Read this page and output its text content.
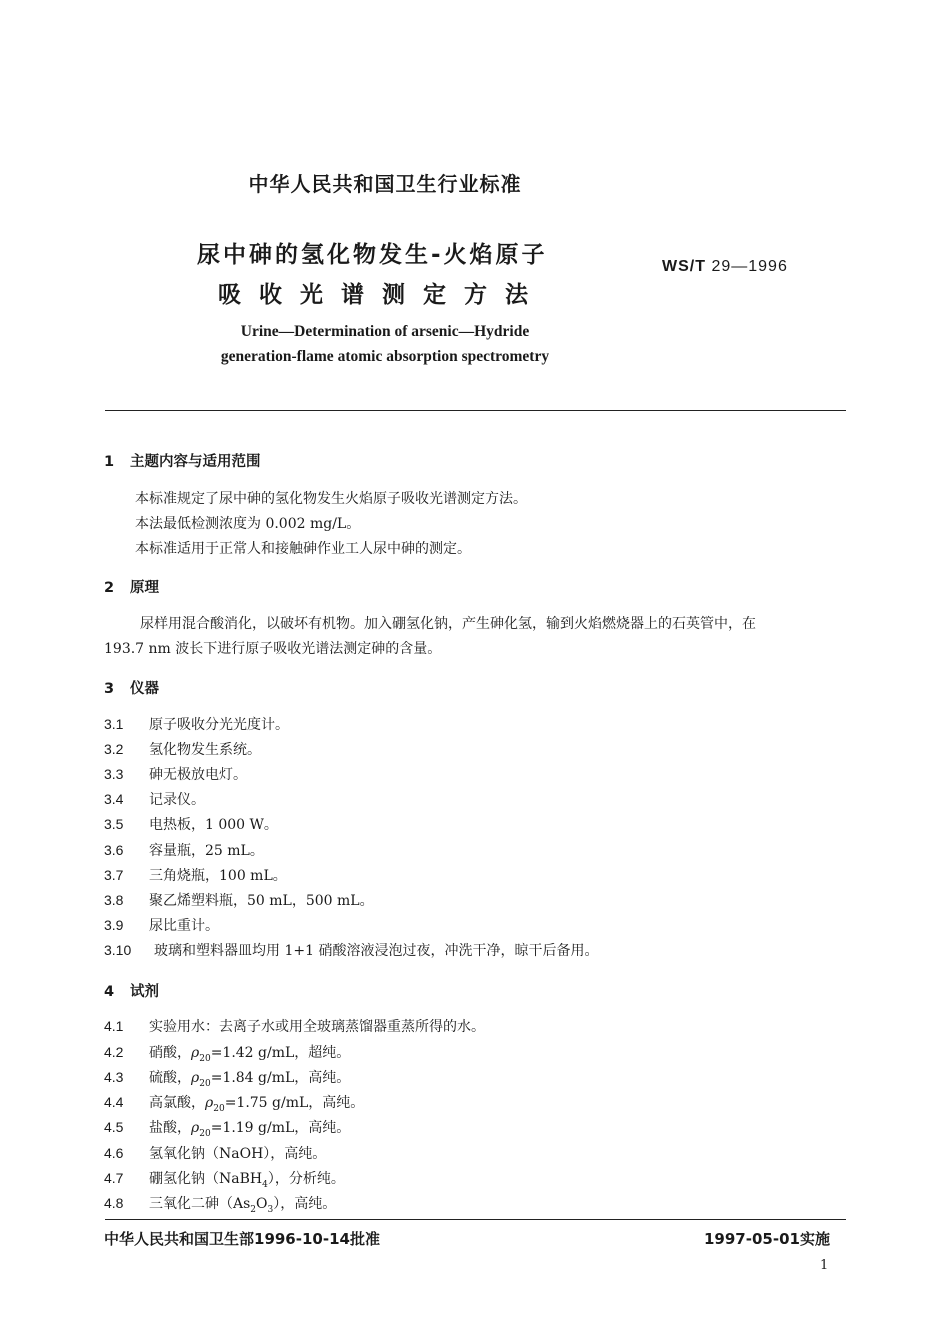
中华人民共和国卫生行业标准
尿中砷的氢化物发生-火焰原子
吸收光谱测定方法
WS/T 29—1996
Urine—Determination of arsenic—Hydride
generation-flame atomic absorption spectrometry
1 主题内容与适用范围
本标准规定了尿中砷的氢化物发生火焰原子吸收光谱测定方法。
本法最低检测浓度为 0.002 mg/L。
本标准适用于正常人和接触砷作业工人尿中砷的测定。
2 原理
尿样用混合酸消化，以破坏有机物。加入硼氢化钠，产生砷化氢，输到火焰燃烧器上的石英管中，在
193.7 nm 波长下进行原子吸收光谱法测定砷的含量。
3 仪器
3.1 原子吸收分光光度计。
3.2 氢化物发生系统。
3.3 砷无极放电灯。
3.4 记录仪。
3.5 电热板，1 000 W。
3.6 容量瓶，25 mL。
3.7 三角烧瓶，100 mL。
3.8 聚乙烯塑料瓶，50 mL，500 mL。
3.9 尿比重计。
3.10 玻璃和塑料器皿均用 1+1 硝酸溶液浸泡过夜，冲洗干净，晾干后备用。
4 试剂
4.1 实验用水：去离子水或用全玻璃蒸馏器重蒸所得的水。
4.2 硝酸，$\rho_{20}=1.42$ g/mL，超纯。
4.3 硫酸，$\rho_{20}=1.84$ g/mL，高纯。
4.4 高氯酸，$\rho_{20}=1.75$ g/mL，高纯。
4.5 盐酸，$\rho_{20}=1.19$ g/mL，高纯。
4.6 氢氧化钠（NaOH），高纯。
4.7 硼氢化钠（NaBH$_4$），分析纯。
4.8 三氧化二砷$(As_2O_3)$，高纯。
中华人民共和国卫生部1996-10-14批准	1997-05-01实施
1
